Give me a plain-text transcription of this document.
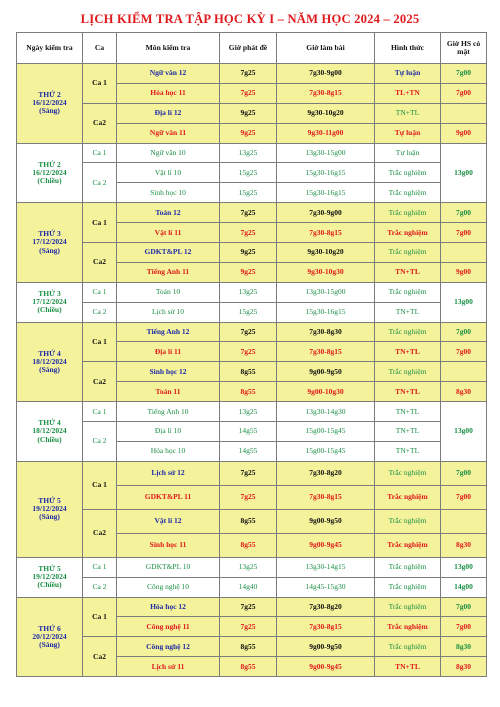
LỊCH KIỂM TRA TẬP HỌC KỲ I – NĂM HỌC 2024 – 2025
Ngày kiểm tra	Ca	Môn kiểm tra	Giờ phát đề	Giờ làm bài	Hình thức	Giờ HS có mặt

THỨ 2
16/12/2024
(Sáng)	Ca 1	Ngữ văn 12	7g25	7g30-9g00	Tự luận	7g00
		Hóa học 11	7g25	7g30-8g15	TL+TN	7g00
	Ca2	Địa lí 12	9g25	9g30-10g20	TN+TL	
		Ngữ văn 11	9g25	9g30-11g00	Tự luận	9g00

THỨ 2
16/12/2024
(Chiều)	Ca 1	Ngữ văn 10	13g25	13g30-15g00	Tự luận	13g00
	Ca 2	Vật lí 10	15g25	15g30-16g15	Trắc nghiệm	
		Sinh học 10	15g25	15g30-16g15	Trắc nghiệm	

THỨ 3
17/12/2024
(Sáng)	Ca 1	Toán 12	7g25	7g30-9g00	Trắc nghiệm	7g00
		Vật lí 11	7g25	7g30-8g15	Trắc nghiệm	7g00
	Ca2	GDKT&PL 12	9g25	9g30-10g20	Trắc nghiệm	
		Tiếng Anh 11	9g25	9g30-10g30	TN+TL	9g00

THỨ 3
17/12/2024
(Chiều)	Ca 1	Toán 10	13g25	13g30-15g00	Trắc nghiệm	13g00
	Ca 2	Lịch sử 10	15g25	15g30-16g15	TN+TL	

THỨ 4
18/12/2024
(Sáng)	Ca 1	Tiếng Anh 12	7g25	7g30-8g30	Trắc nghiệm	7g00
		Địa lí 11	7g25	7g30-8g15	TN+TL	7g00
	Ca2	Sinh học 12	8g55	9g00-9g50	Trắc nghiệm	
		Toán 11	8g55	9g00-10g30	TN+TL	8g30

THỨ 4
18/12/2024
(Chiều)	Ca 1	Tiếng Anh 10	13g25	13g30-14g30	TN+TL	13g00
	Ca 2	Địa lí 10	14g55	15g00-15g45	TN+TL	
		Hóa học 10	14g55	15g00-15g45	TN+TL	

THỨ 5
19/12/2024
(Sáng)	Ca 1	Lịch sử 12	7g25	7g30-8g20	Trắc nghiệm	7g00
		GDKT&PL 11	7g25	7g30-8g15	Trắc nghiệm	7g00
	Ca2	Vật lí 12	8g55	9g00-9g50	Trắc nghiệm	
		Sinh học 11	8g55	9g00-9g45	Trắc nghiệm	8g30

THỨ 5
19/12/2024
(Chiều)	Ca 1	GDKT&PL 10	13g25	13g30-14g15	Trắc nghiệm	13g00
	Ca 2	Công nghệ 10	14g40	14g45-15g30	Trắc nghiệm	14g00

THỨ 6
20/12/2024
(Sáng)	Ca 1	Hóa học 12	7g25	7g30-8g20	Trắc nghiệm	7g00
		Công nghệ 11	7g25	7g30-8g15	Trắc nghiệm	7g00
	Ca2	Công nghệ 12	8g55	9g00-9g50	Trắc nghiệm	8g30
		Lịch sử 11	8g55	9g00-9g45	TN+TL	8g30
